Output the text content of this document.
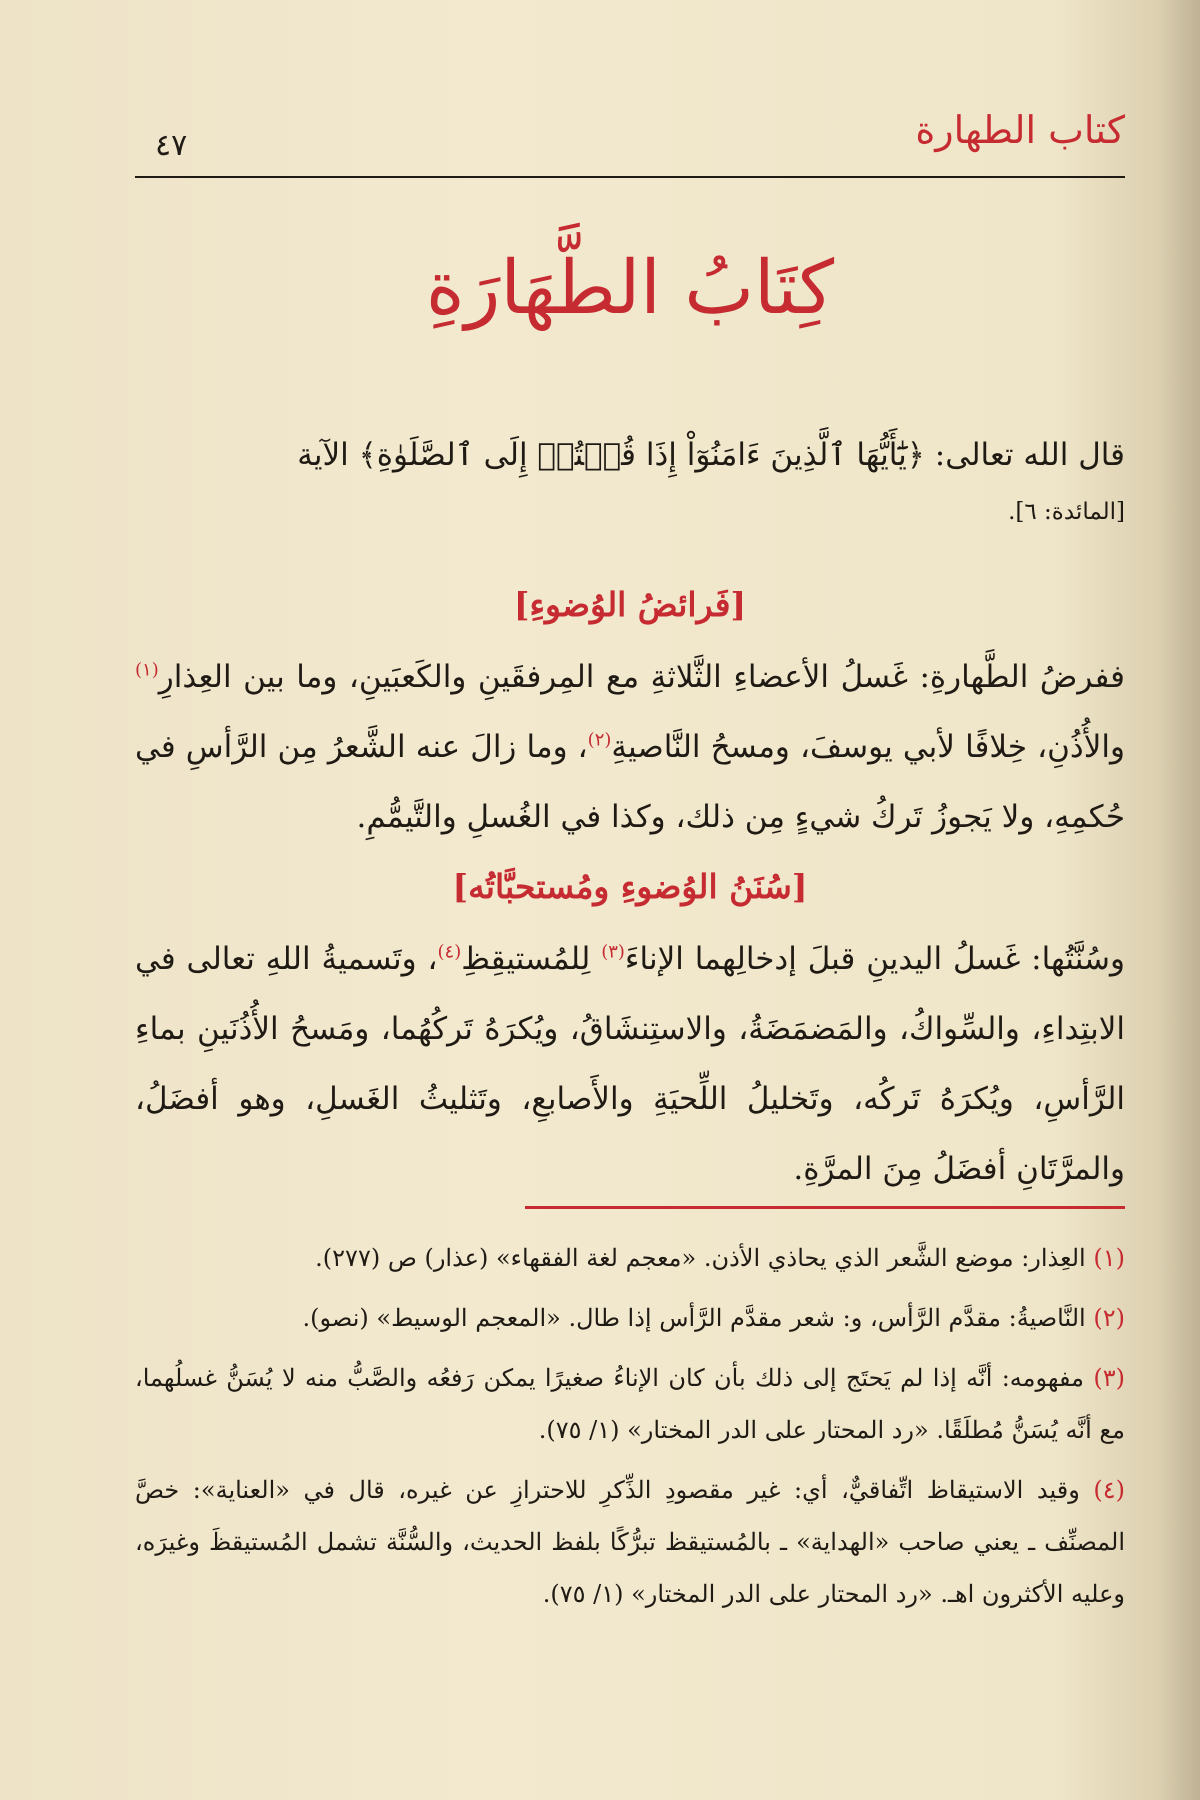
كتاب الطهارة
٤٧
كِتَابُ الطَّهَارَةِ

قال الله تعالى: ﴿يَٰٓأَيُّهَا ٱلَّذِينَ ءَامَنُوٓاْ إِذَا قُمۡتُمۡ إِلَى ٱلصَّلَوٰةِ﴾ الآية

[المائدة: ٦].

[فَرائضُ الوُضوءِ]

ففرضُ الطَّهارةِ: غَسلُ الأعضاءِ الثَّلاثةِ مع المِرفقَينِ والكَعبَينِ، وما بين العِذارِ$^{(١)}$ والأُذُنِ، خِلافًا لأبي يوسفَ، ومسحُ النَّاصيةِ$^{(٢)}$، وما زالَ عنه الشَّعرُ مِن الرَّأسِ في حُكمِهِ، ولا يَجوزُ تَركُ شيءٍ مِن ذلك، وكذا في الغُسلِ والتَّيمُّمِ.

[سُنَنُ الوُضوءِ ومُستحبَّاتُه]

وسُنَّتُها: غَسلُ اليدينِ قبلَ إدخالِهما الإناءَ$^{(٣)}$ لِلمُستيقِظِ$^{(٤)}$، وتَسميةُ اللهِ تعالى في الابتِداءِ، والسِّواكُ، والمَضمَضَةُ، والاستِنشَاقُ، ويُكرَهُ تَركُهُما، ومَسحُ الأُذُنَينِ بماءِ الرَّأسِ، ويُكرَهُ تَركُه، وتَخليلُ اللِّحيَةِ والأَصابعِ، وتَثليثُ الغَسلِ، وهو أفضَلُ، والمرَّتَانِ أفضَلُ مِنَ المرَّةِ.

(١) العِذار: موضع الشَّعر الذي يحاذي الأذن. «معجم لغة الفقهاء» (عذار) ص (٢٧٧).

(٢) النَّاصيةُ: مقدَّم الرَّأس، و: شعر مقدَّم الرَّأس إذا طال. «المعجم الوسيط» (نصو).

(٣) مفهومه: أنَّه إذا لم يَحتَج إلى ذلك بأن كان الإناءُ صغيرًا يمكن رَفعُه والصَّبُّ منه لا يُسَنُّ غسلُهما، مع أنَّه يُسَنُّ مُطلَقًا. «رد المحتار على الدر المختار» (١/ ٧٥).

(٤) وقيد الاستيقاظ اتِّفاقيٌّ، أي: غير مقصودِ الذِّكرِ للاحترازِ عن غيره، قال في «العناية»: خصَّ المصنِّف ـ يعني صاحب «الهداية» ـ بالمُستيقظ تبرُّكًا بلفظ الحديث، والسُّنَّة تشمل المُستيقظَ وغيرَه، وعليه الأكثرون اهـ. «رد المحتار على الدر المختار» (١/ ٧٥).
